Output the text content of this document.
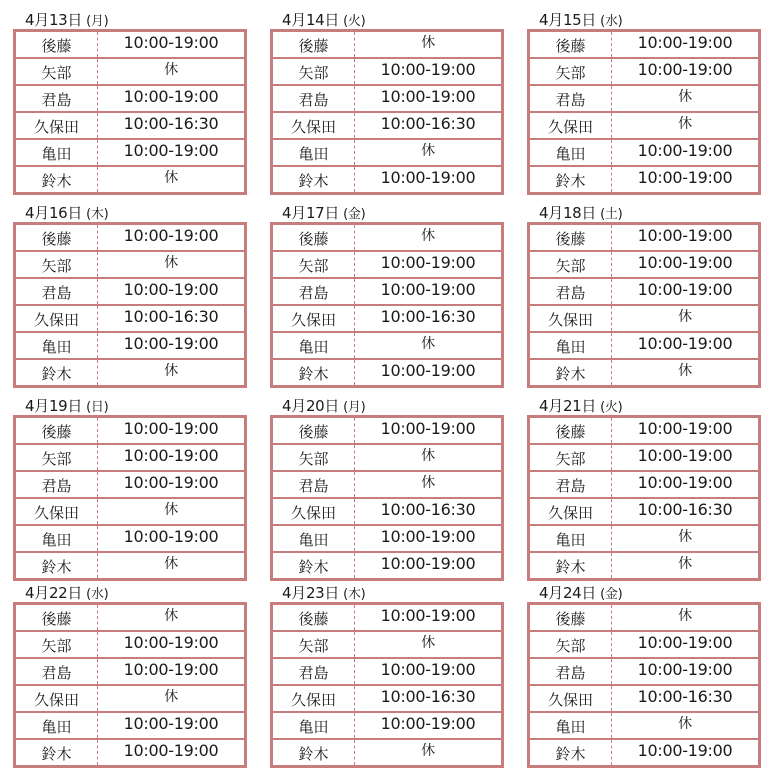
4月13日 (月)
後藤	10:00-19:00
矢部	休
君島	10:00-19:00
久保田	10:00-16:30
亀田	10:00-19:00
鈴木	休
4月14日 (火)
後藤	休
矢部	10:00-19:00
君島	10:00-19:00
久保田	10:00-16:30
亀田	休
鈴木	10:00-19:00
4月15日 (水)
後藤	10:00-19:00
矢部	10:00-19:00
君島	休
久保田	休
亀田	10:00-19:00
鈴木	10:00-19:00
4月16日 (木)
後藤	10:00-19:00
矢部	休
君島	10:00-19:00
久保田	10:00-16:30
亀田	10:00-19:00
鈴木	休
4月17日 (金)
後藤	休
矢部	10:00-19:00
君島	10:00-19:00
久保田	10:00-16:30
亀田	休
鈴木	10:00-19:00
4月18日 (土)
後藤	10:00-19:00
矢部	10:00-19:00
君島	10:00-19:00
久保田	休
亀田	10:00-19:00
鈴木	休
4月19日 (日)
後藤	10:00-19:00
矢部	10:00-19:00
君島	10:00-19:00
久保田	休
亀田	10:00-19:00
鈴木	休
4月20日 (月)
後藤	10:00-19:00
矢部	休
君島	休
久保田	10:00-16:30
亀田	10:00-19:00
鈴木	10:00-19:00
4月21日 (火)
後藤	10:00-19:00
矢部	10:00-19:00
君島	10:00-19:00
久保田	10:00-16:30
亀田	休
鈴木	休
4月22日 (水)
後藤	休
矢部	10:00-19:00
君島	10:00-19:00
久保田	休
亀田	10:00-19:00
鈴木	10:00-19:00
4月23日 (木)
後藤	10:00-19:00
矢部	休
君島	10:00-19:00
久保田	10:00-16:30
亀田	10:00-19:00
鈴木	休
4月24日 (金)
後藤	休
矢部	10:00-19:00
君島	10:00-19:00
久保田	10:00-16:30
亀田	休
鈴木	10:00-19:00
